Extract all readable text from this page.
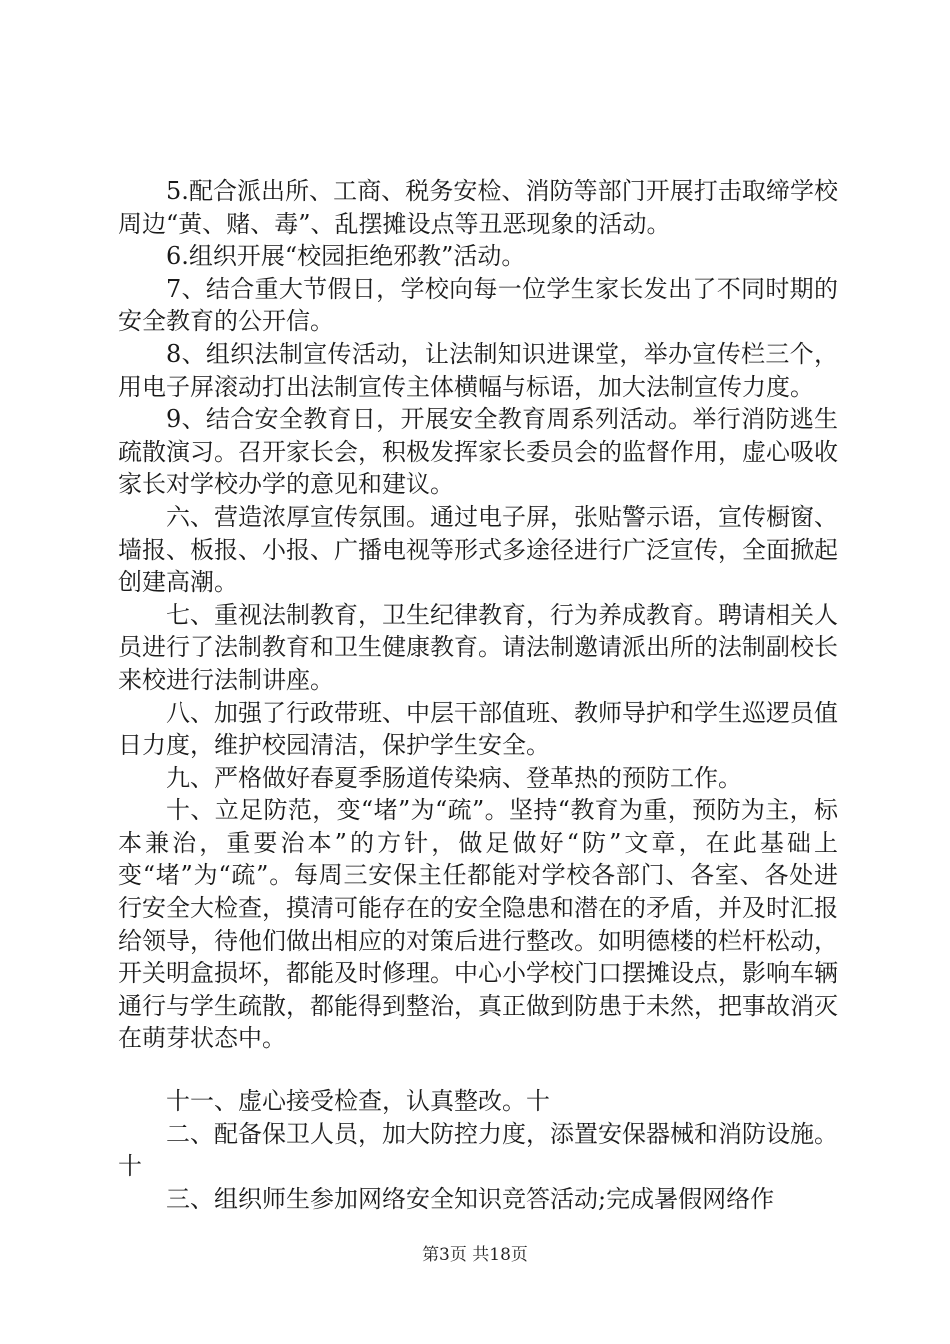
5.配合派出所、工商、税务安检、消防等部门开展打击取缔学校周边“黄、赌、毒”、乱摆摊设点等丑恶现象的活动。

6.组织开展“校园拒绝邪教”活动。

7、结合重大节假日，学校向每一位学生家长发出了不同时期的安全教育的公开信。

8、组织法制宣传活动，让法制知识进课堂，举办宣传栏三个，用电子屏滚动打出法制宣传主体横幅与标语，加大法制宣传力度。

9、结合安全教育日，开展安全教育周系列活动。举行消防逃生疏散演习。召开家长会，积极发挥家长委员会的监督作用，虚心吸收家长对学校办学的意见和建议。

六、营造浓厚宣传氛围。通过电子屏，张贴警示语，宣传橱窗、墙报、板报、小报、广播电视等形式多途径进行广泛宣传，全面掀起创建高潮。

七、重视法制教育，卫生纪律教育，行为养成教育。聘请相关人员进行了法制教育和卫生健康教育。请法制邀请派出所的法制副校长来校进行法制讲座。

八、加强了行政带班、中层干部值班、教师导护和学生巡逻员值日力度，维护校园清洁，保护学生安全。

九、严格做好春夏季肠道传染病、登革热的预防工作。

十、立足防范，变“堵”为“疏”。坚持“教育为重，预防为主，标本兼治，重要治本”的方针，做足做好“防”文章，在此基础上变“堵”为“疏”。每周三安保主任都能对学校各部门、各室、各处进行安全大检查，摸清可能存在的安全隐患和潜在的矛盾，并及时汇报给领导，待他们做出相应的对策后进行整改。如明德楼的栏杆松动，开关明盒损坏，都能及时修理。中心小学校门口摆摊设点，影响车辆通行与学生疏散，都能得到整治，真正做到防患于未然，把事故消灭在萌芽状态中。

十一、虚心接受检查，认真整改。十

二、配备保卫人员，加大防控力度，添置安保器械和消防设施。十

三、组织师生参加网络安全知识竞答活动;完成暑假网络作

第3页 共18页
